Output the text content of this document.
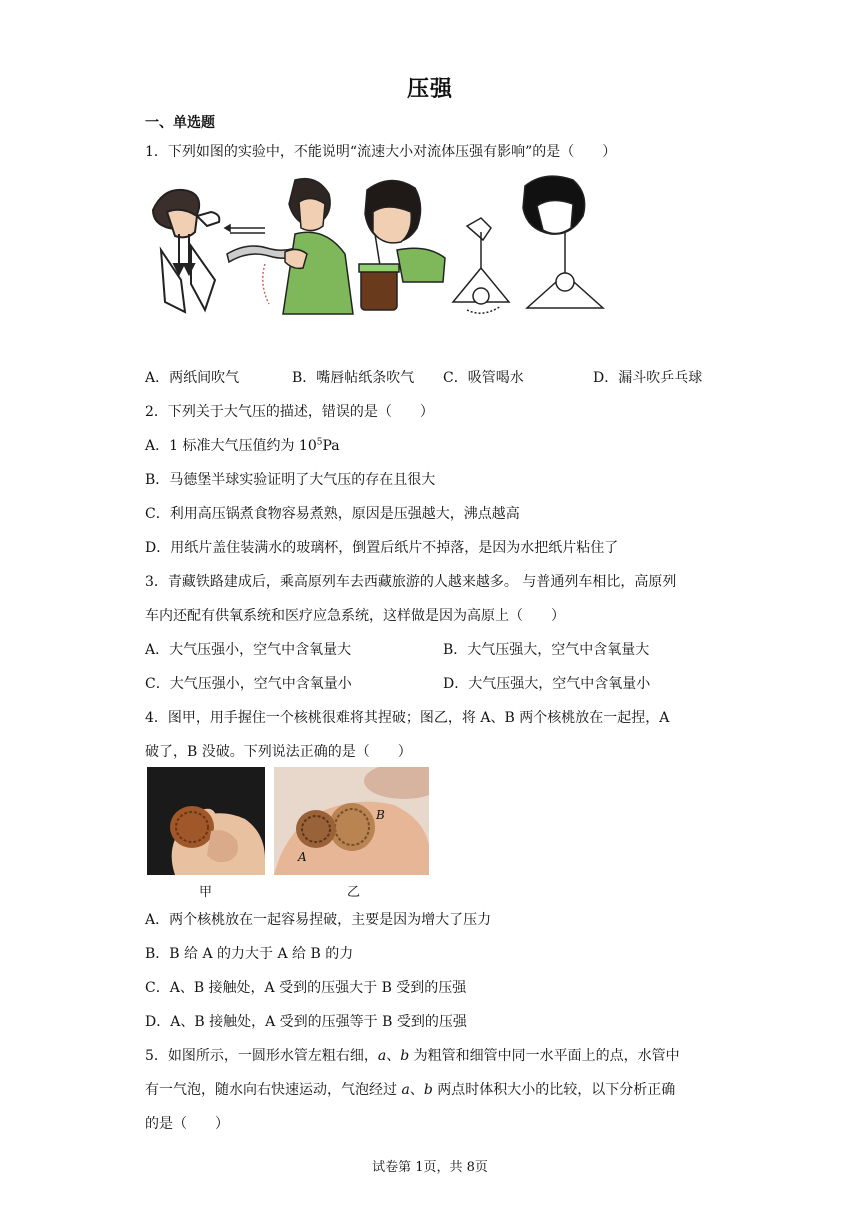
压强
一、单选题
1．下列如图的实验中，不能说明“流速大小对流体压强有影响”的是（　　）
A．两纸间吹气	B．嘴唇帖纸条吹气 C．吸管喝水	D．漏斗吹乒乓球
2．下列关于大气压的描述，错误的是（　　）
A．1 标准大气压值约为 $10^5Pa$
B．马德堡半球实验证明了大气压的存在且很大
C．利用高压锅煮食物容易煮熟，原因是压强越大，沸点越高
D．用纸片盖住装满水的玻璃杯，倒置后纸片不掉落，是因为水把纸片粘住了
3．青藏铁路建成后，乘高原列车去西藏旅游的人越来越多。 与普通列车相比，高原列
车内还配有供氧系统和医疗应急系统，这样做是因为高原上（　　）
A．大气压强小，空气中含氧量大	B．大气压强大，空气中含氧量大
C．大气压强小，空气中含氧量小	D．大气压强大，空气中含氧量小
4．图甲，用手握住一个核桃很难将其捏破；图乙，将 A、B 两个核桃放在一起捏，A
破了，B 没破。下列说法正确的是（　　）
B
A
甲	乙
A．两个核桃放在一起容易捏破，主要是因为增大了压力
B．B 给 A 的力大于 A 给 B 的力
C．A、B 接触处，A 受到的压强大于 B 受到的压强
D．A、B 接触处，A 受到的压强等于 B 受到的压强
5．如图所示，一圆形水管左粗右细，a、b 为粗管和细管中同一水平面上的点，水管中
有一气泡，随水向右快速运动，气泡经过 a、b 两点时体积大小的比较，以下分析正确
的是（　　）
试卷第 1页，共 8页
